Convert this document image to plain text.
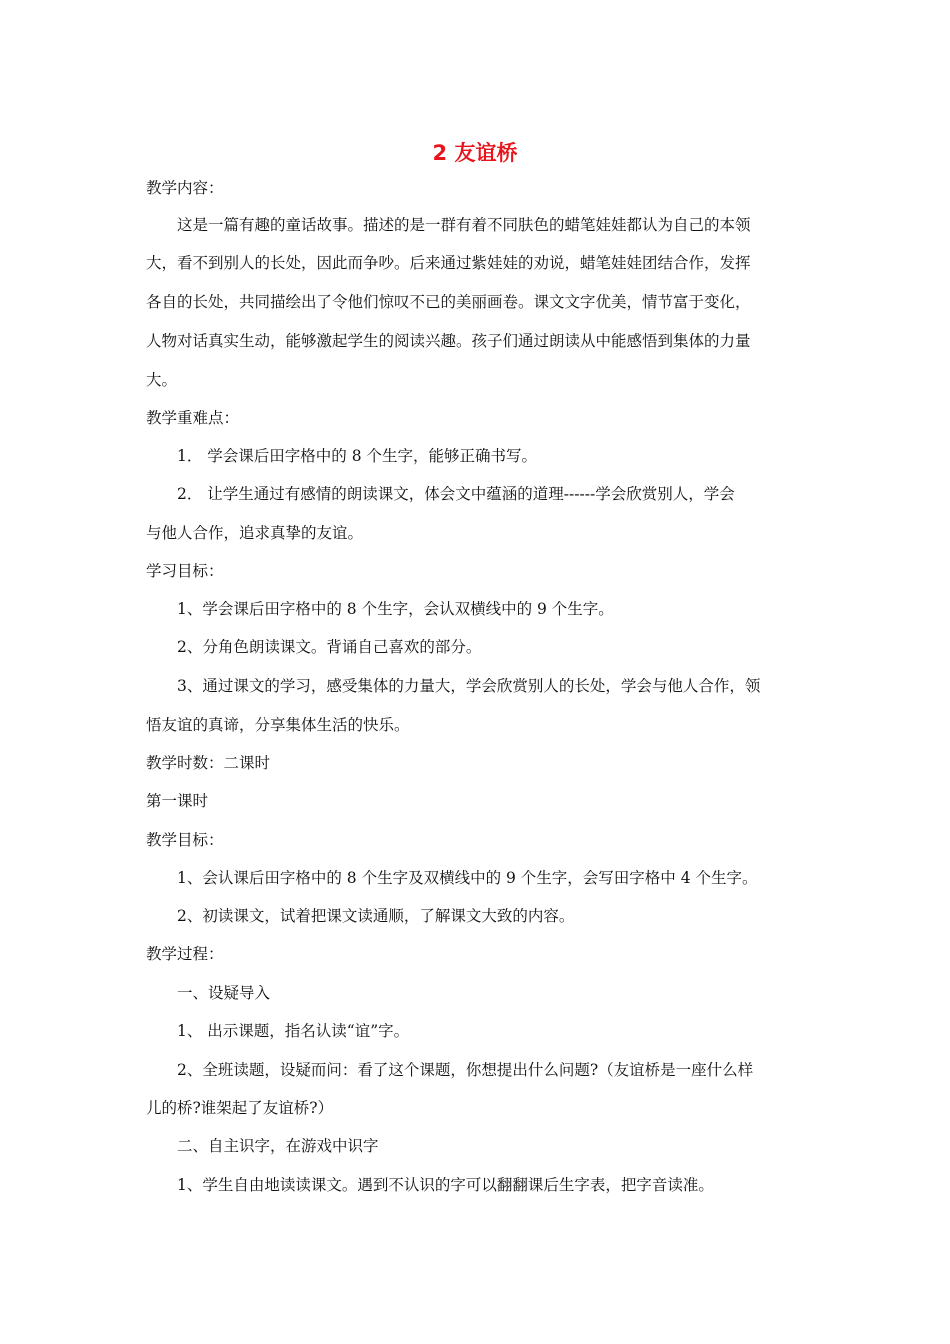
2 友谊桥
教学内容：
这是一篇有趣的童话故事。描述的是一群有着不同肤色的蜡笔娃娃都认为自己的本领
大，看不到别人的长处，因此而争吵。后来通过紫娃娃的劝说，蜡笔娃娃团结合作，发挥
各自的长处，共同描绘出了令他们惊叹不已的美丽画卷。课文文字优美，情节富于变化，
人物对话真实生动，能够激起学生的阅读兴趣。孩子们通过朗读从中能感悟到集体的力量
大。
教学重难点：
1． 学会课后田字格中的 8 个生字，能够正确书写。
2． 让学生通过有感情的朗读课文，体会文中蕴涵的道理------学会欣赏别人，学会
与他人合作，追求真挚的友谊。
学习目标：
1、学会课后田字格中的 8 个生字，会认双横线中的 9 个生字。
2、分角色朗读课文。背诵自己喜欢的部分。
3、通过课文的学习，感受集体的力量大，学会欣赏别人的长处，学会与他人合作，领
悟友谊的真谛，分享集体生活的快乐。
教学时数：二课时
第一课时
教学目标：
1、会认课后田字格中的 8 个生字及双横线中的 9 个生字，会写田字格中 4 个生字。
2、初读课文，试着把课文读通顺，了解课文大致的内容。
教学过程：
一、设疑导入
1、 出示课题，指名认读“谊”字。
2、全班读题，设疑而问：看了这个课题，你想提出什么问题?（友谊桥是一座什么样
儿的桥?谁架起了友谊桥?）
二、自主识字，在游戏中识字
1、学生自由地读读课文。遇到不认识的字可以翻翻课后生字表，把字音读准。
